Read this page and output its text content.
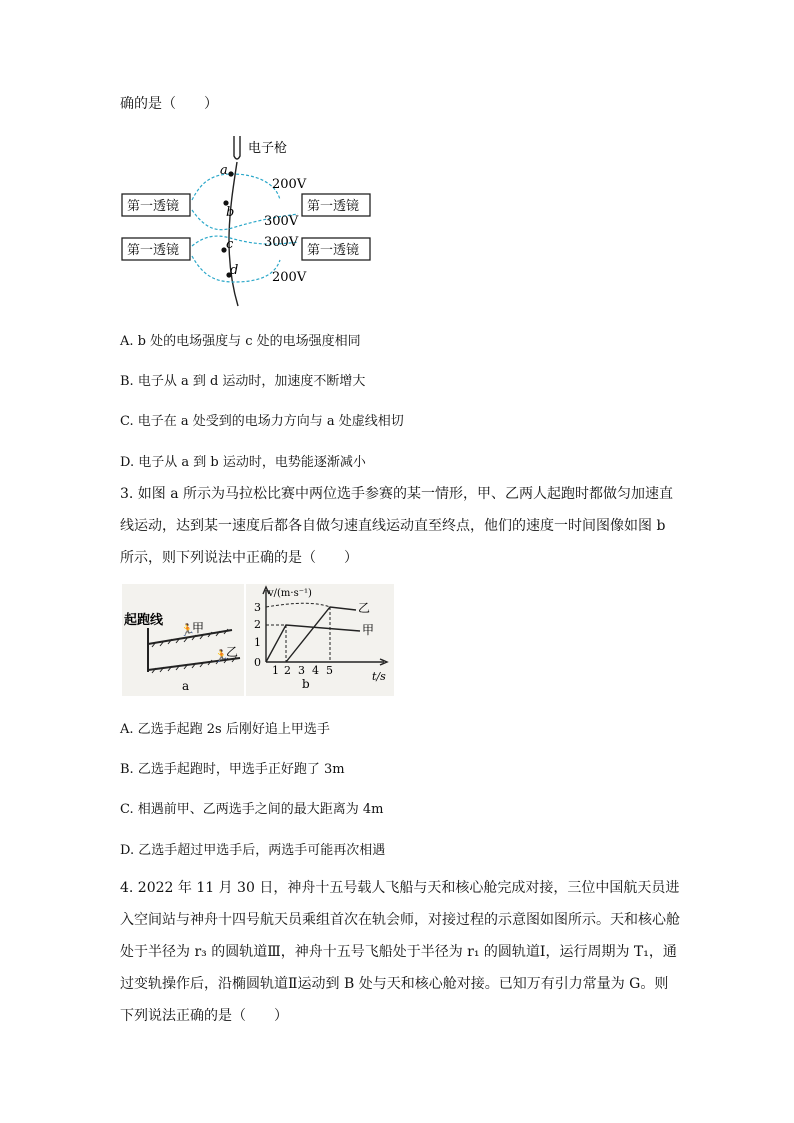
确的是（　　）
电子枪
a
b
c
d
200V
300V
300V
200V
第一透镜	第一透镜
第一透镜	第一透镜
A. b 处的电场强度与 c 处的电场强度相同
B. 电子从 a 到 d 运动时，加速度不断增大
C. 电子在 a 处受到的电场力方向与 a 处虚线相切
D. 电子从 a 到 b 运动时，电势能逐渐减小
3. 如图 a 所示为马拉松比赛中两位选手参赛的某一情形，甲、乙两人起跑时都做匀加速直线运动，达到某一速度后都各自做匀速直线运动直至终点，他们的速度一时间图像如图 b 所示，则下列说法中正确的是（　　）
起跑线
🏃
甲
🏃
乙
a
v/(m·s⁻¹)
t/s
0
1
2
3
1 2 3 4 5
乙
甲
b
A. 乙选手起跑 2s 后刚好追上甲选手
B. 乙选手起跑时，甲选手正好跑了 3m
C. 相遇前甲、乙两选手之间的最大距离为 4m
D. 乙选手超过甲选手后，两选手可能再次相遇
4. 2022 年 11 月 30 日，神舟十五号载人飞船与天和核心舱完成对接，三位中国航天员进入空间站与神舟十四号航天员乘组首次在轨会师，对接过程的示意图如图所示。天和核心舱处于半径为 r₃ 的圆轨道Ⅲ，神舟十五号飞船处于半径为 r₁ 的圆轨道Ⅰ，运行周期为 T₁，通过变轨操作后，沿椭圆轨道Ⅱ运动到 B 处与天和核心舱对接。已知万有引力常量为 G。则下列说法正确的是（　　）
